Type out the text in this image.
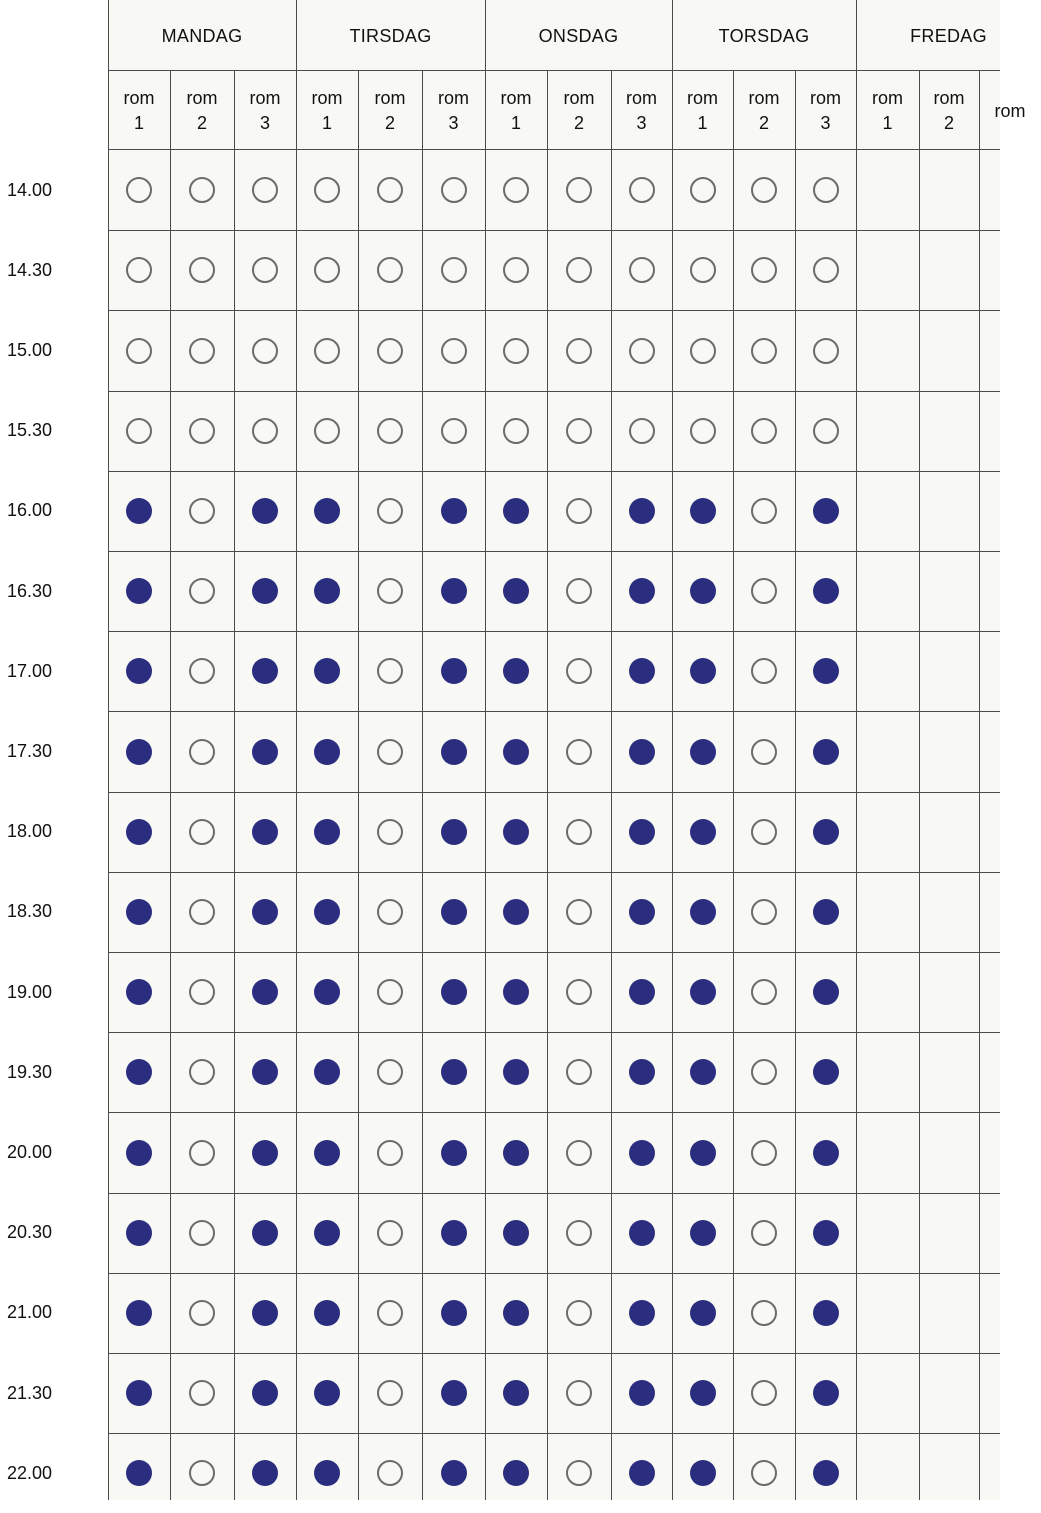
MANDAG
rom
1
rom
2
rom
3
TIRSDAG
rom
1
rom
2
rom
3
ONSDAG
rom
1
rom
2
rom
3
TORSDAG
rom
1
rom
2
rom
3
FREDAG
rom
1
rom
2
rom
14.00
14.30
15.00
15.30
16.00
16.30
17.00
17.30
18.00
18.30
19.00
19.30
20.00
20.30
21.00
21.30
22.00
